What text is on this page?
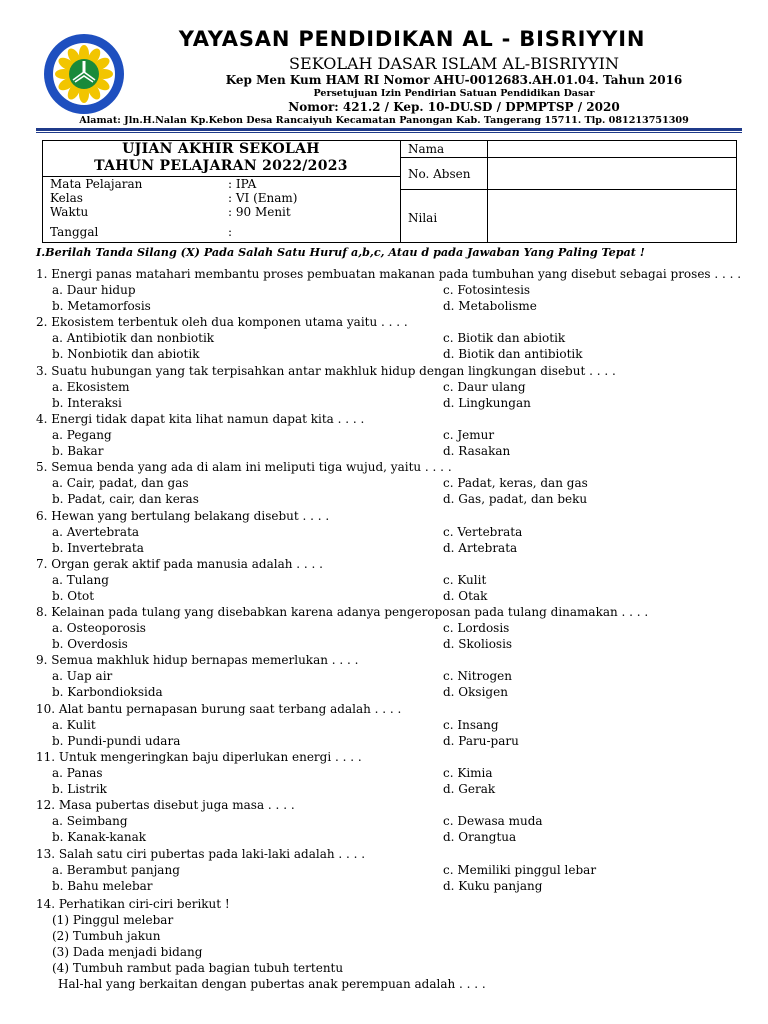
YAYASAN PENDIDIKAN AL - BISRIYYIN
SEKOLAH DASAR ISLAM AL-BISRIYYIN
Kep Men Kum HAM RI Nomor AHU-0012683.AH.01.04. Tahun 2016
Persetujuan Izin Pendirian Satuan Pendidikan Dasar
Nomor: 421.2 / Kep. 10-DU.SD / DPMPTSP / 2020
Alamat: Jln.H.Nalan Kp.Kebon Desa Rancaiyuh Kecamatan Panongan Kab. Tangerang 15711. Tlp. 081213751309
UJIAN AKHIR SEKOLAH
TAHUN PELAJARAN 2022/2023
Mata Pelajaran	: IPA
Kelas	: VI (Enam)
Waktu	: 90 Menit
Tanggal	:
Nama
No. Absen
Nilai
I.Berilah Tanda Silang (X) Pada Salah Satu Huruf a,b,c, Atau d pada Jawaban Yang Paling Tepat !
1. Energi panas matahari membantu proses pembuatan makanan pada tumbuhan yang disebut sebagai proses . . . .
a. Daur hidup
b. Metamorfosis
c. Fotosintesis
d. Metabolisme
2. Ekosistem terbentuk oleh dua komponen utama yaitu . . . .
a. Antibiotik dan nonbiotik
b. Nonbiotik dan abiotik
c. Biotik dan abiotik
d. Biotik dan antibiotik
3. Suatu hubungan yang tak terpisahkan antar makhluk hidup dengan lingkungan disebut . . . .
a. Ekosistem
b. Interaksi
c. Daur ulang
d. Lingkungan
4. Energi tidak dapat kita lihat namun dapat kita . . . .
a. Pegang
b. Bakar
c. Jemur
d. Rasakan
5. Semua benda yang ada di alam ini meliputi tiga wujud, yaitu . . . .
a. Cair, padat, dan gas
b. Padat, cair, dan keras
c. Padat, keras, dan gas
d. Gas, padat, dan beku
6. Hewan yang bertulang belakang disebut . . . .
a. Avertebrata
b. Invertebrata
c. Vertebrata
d. Artebrata
7. Organ gerak aktif pada manusia adalah . . . .
a. Tulang
b. Otot
c. Kulit
d. Otak
8. Kelainan pada tulang yang disebabkan karena adanya pengeroposan pada tulang dinamakan . . . .
a. Osteoporosis
b. Overdosis
c. Lordosis
d. Skoliosis
9. Semua makhluk hidup bernapas memerlukan . . . .
a. Uap air
b. Karbondioksida
c. Nitrogen
d. Oksigen
10. Alat bantu pernapasan burung saat terbang adalah . . . .
a. Kulit
b. Pundi-pundi udara
c. Insang
d. Paru-paru
11. Untuk mengeringkan baju diperlukan energi . . . .
a. Panas
b. Listrik
c. Kimia
d. Gerak
12. Masa pubertas disebut juga masa . . . .
a. Seimbang
b. Kanak-kanak
c. Dewasa muda
d. Orangtua
13. Salah satu ciri pubertas pada laki-laki adalah . . . .
a. Berambut panjang
b. Bahu melebar
c. Memiliki pinggul lebar
d. Kuku panjang
14. Perhatikan ciri-ciri berikut !
(1) Pinggul melebar
(2) Tumbuh jakun
(3) Dada menjadi bidang
(4) Tumbuh rambut pada bagian tubuh tertentu
Hal-hal yang berkaitan dengan pubertas anak perempuan adalah . . . .
